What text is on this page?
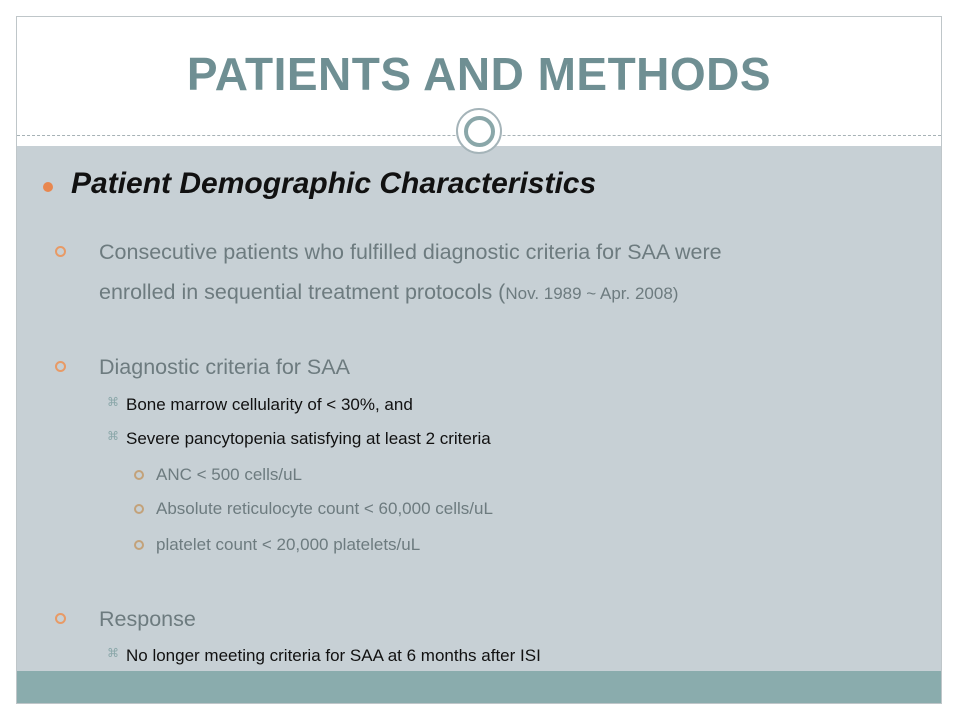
PATIENTS AND METHODS
Patient Demographic Characteristics
Consecutive patients who fulfilled diagnostic criteria for SAA were
enrolled in sequential treatment protocols (Nov. 1989 ~ Apr. 2008)
Diagnostic criteria for SAA
⌘ Bone marrow cellularity of < 30%, and
⌘ Severe pancytopenia satisfying at least 2 criteria
ANC < 500 cells/uL
Absolute reticulocyte count < 60,000 cells/uL
platelet count < 20,000 platelets/uL
Response
⌘ No longer meeting criteria for SAA at 6 months after ISI
